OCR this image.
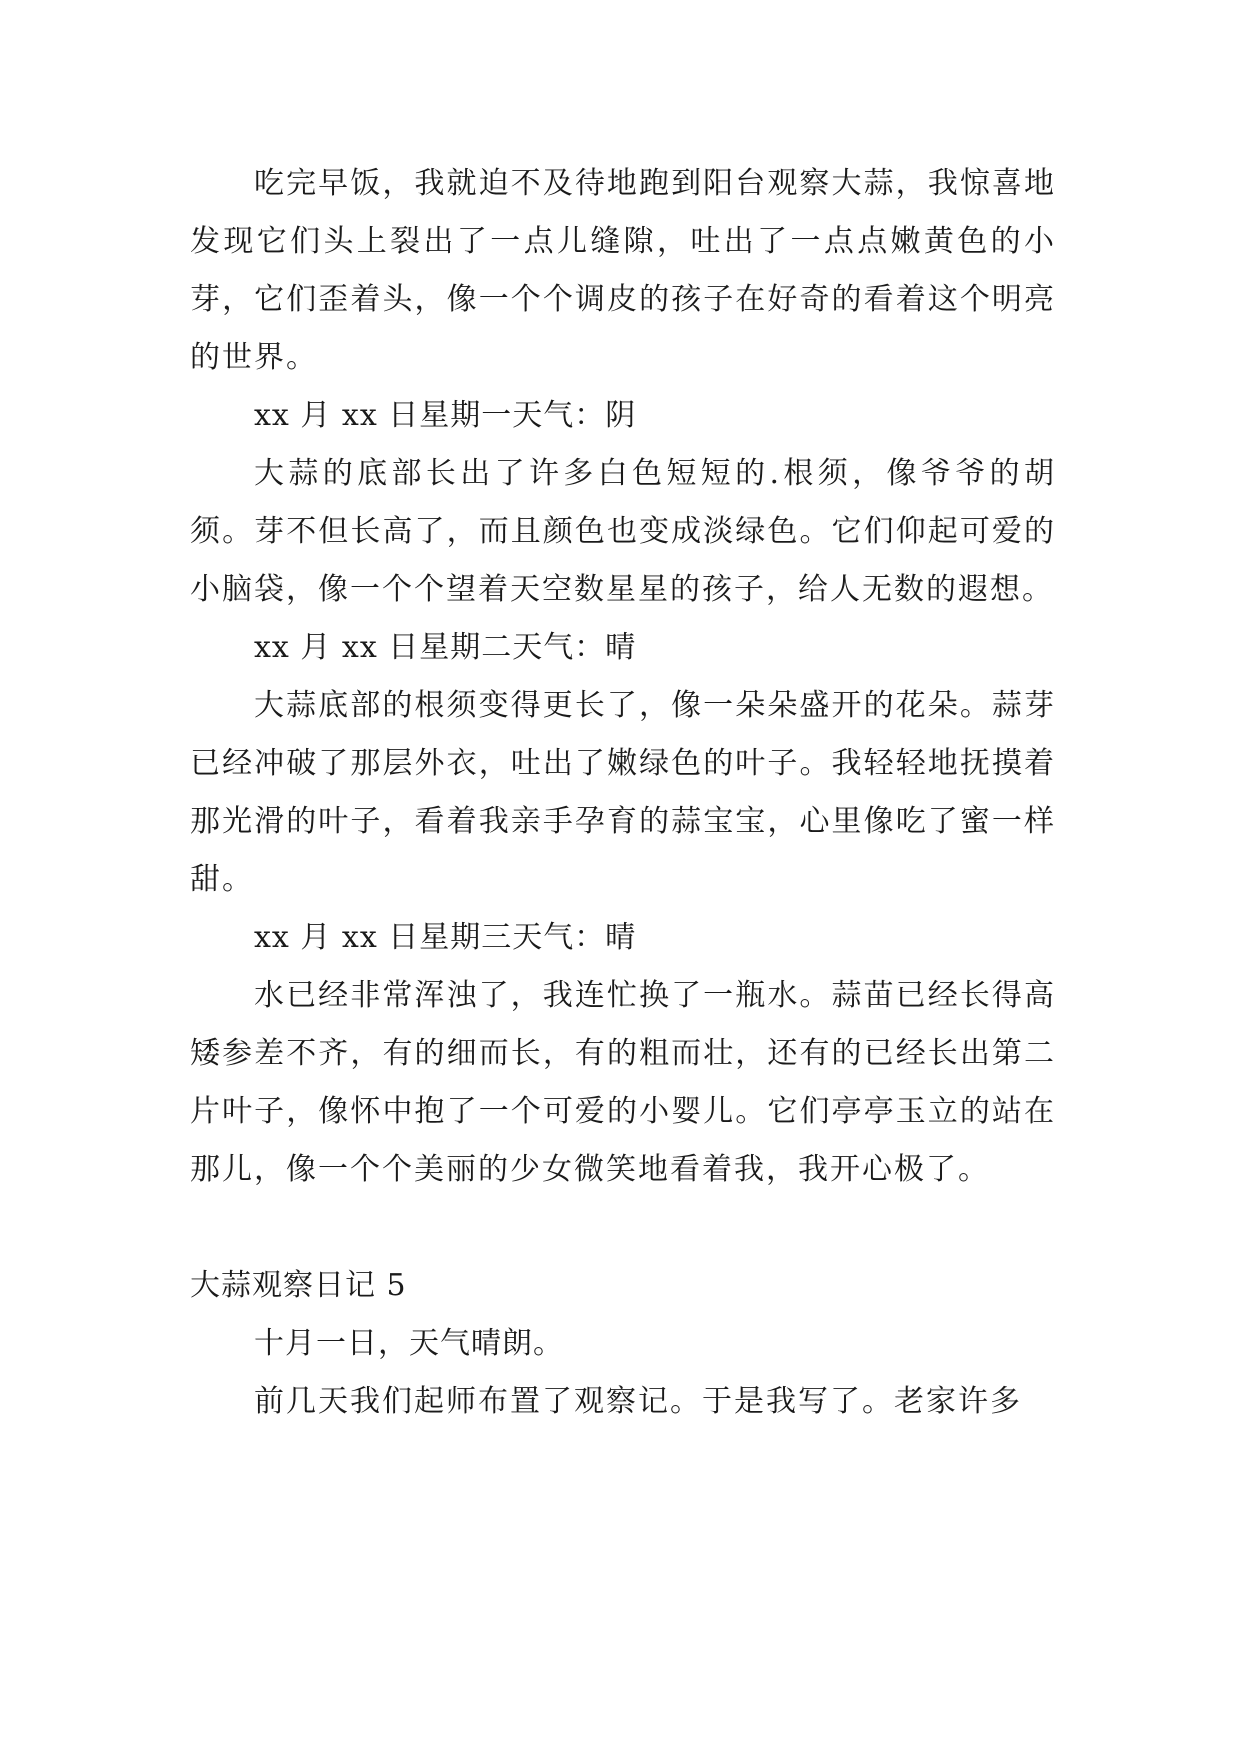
吃完早饭，我就迫不及待地跑到阳台观察大蒜，我惊喜地发现它们头上裂出了一点儿缝隙，吐出了一点点嫩黄色的小芽，它们歪着头，像一个个调皮的孩子在好奇的看着这个明亮的世界。

xx 月 xx 日星期一天气：阴

大蒜的底部长出了许多白色短短的.根须，像爷爷的胡须。芽不但长高了，而且颜色也变成淡绿色。它们仰起可爱的小脑袋，像一个个望着天空数星星的孩子，给人无数的遐想。

xx 月 xx 日星期二天气：晴

大蒜底部的根须变得更长了，像一朵朵盛开的花朵。蒜芽已经冲破了那层外衣，吐出了嫩绿色的叶子。我轻轻地抚摸着那光滑的叶子，看着我亲手孕育的蒜宝宝，心里像吃了蜜一样甜。

xx 月 xx 日星期三天气：晴

水已经非常浑浊了，我连忙换了一瓶水。蒜苗已经长得高矮参差不齐，有的细而长，有的粗而壮，还有的已经长出第二片叶子，像怀中抱了一个可爱的小婴儿。它们亭亭玉立的站在那儿，像一个个美丽的少女微笑地看着我，我开心极了。

大蒜观察日记 5

十月一日，天气晴朗。

前几天我们起师布置了观察记。于是我写了。老家许多
